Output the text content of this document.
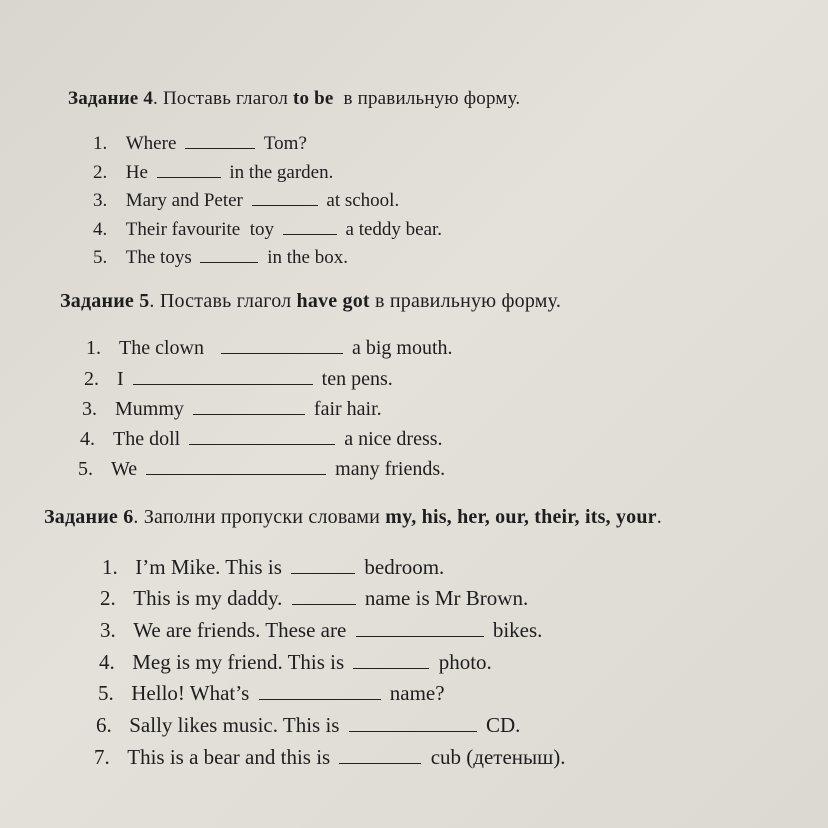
Задание 4. Поставь глагол to be в правильную форму.
1. Where	Tom?
2. He	in the garden.
3. Mary and Peter	at school.
4. Their favourite  toy	a teddy bear.
5. The toys	in the box.
Задание 5. Поставь глагол have got в правильную форму.
1. The clown	a big mouth.
2. I	ten pens.
3. Mummy	fair hair.
4. The doll	a nice dress.
5. We	many friends.
Задание 6. Заполни пропуски словами my, his, her, our, their, its, your.
1. I’m Mike. This is	bedroom.
2. This is my daddy.	name is Mr Brown.
3. We are friends. These are	bikes.
4. Meg is my friend. This is	photo.
5. Hello! What’s	name?
6. Sally likes music. This is	CD.
7. This is a bear and this is	cub (детеныш).
